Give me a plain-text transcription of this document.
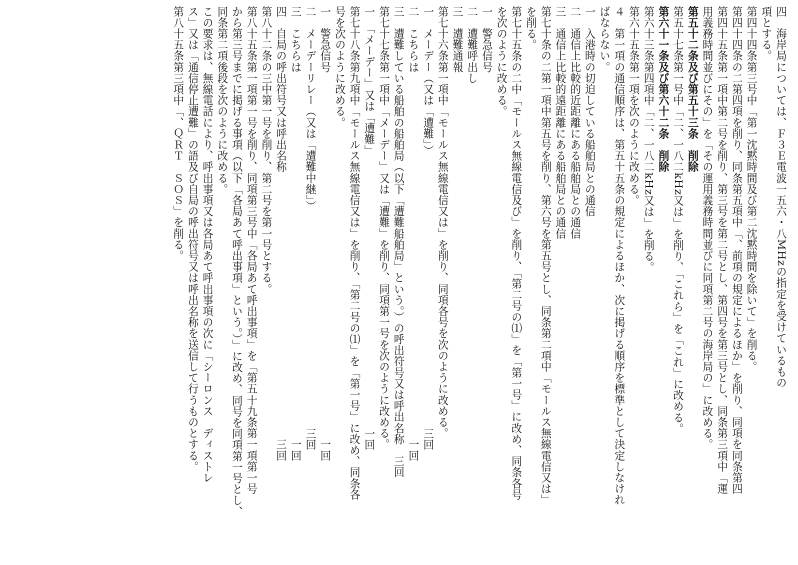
四　海岸局については、Ｆ３Ｅ電波一五六・八MHzの指定を受けているもの
項とする。
第四十四条第三号中「第一沈黙時間及び第二沈黙時間を除いて」を削る。
第四十四条の二第四項を削り、同条第五項中「、前項の規定によるほか」を削り、同項を同条第四
第四十五条第一項中第二号を削り、第三号を第二号とし、第四号を第三号とし、同条第三項中「運
用義務時間並びにその」を「その運用義務時間並びに同項第二号の海岸局の」に改める。
第五十二条及び第五十三条　削除
第五十七条第一号中「二、一八二kHz又は」を削り、「これら」を「これ」に改める。
第六十一条及び第六十二条　削除
第六十三条第四項中「二、一八二kHz又は」を削る。
第六十五条第一項を次のように改める。
４　第一項の通信順序は、第五十五条の規定によるほか、次に掲げる順序を標準として決定しなけれ
ばならない。
一　入港時の切迫している船舶局との通信
二　通信上比較的近距離にある船舶局との通信
三　通信上比較的遠距離にある船舶局との通信
第七十条の二第一項中第五号を削り、第六号を第五号とし、同条第二項中「モールス無線電信又は」
を削る。
第七十五条の二中「モールス無線電信及び」を削り、「第二号の⑴」を「第一号」に改め、同条各号
を次のように改める。
一　警急信号
二　遭難呼出し
三　遭難通報
第七十六条第一項中「モールス無線電信又は」を削り、同項各号を次のように改める。
一　メーデー（又は「遭難」）　　　　　　　　　　　　　　　　　　　　　　　　　三回
二　こちらは　　　　　　　　　　　　　　　　　　　　　　　　　　　　　　　　　一回
三　遭難している船舶の船舶局（以下「遭難船舶局」という。）の呼出符号又は呼出名称　三回
第七十七条第一項中「メーデー」又は「遭難」を削り、同項第一号を次のように改める。
一　「メーデー」又は「遭難」　　　　　　　　　　　　　　　　　　　　　　　　　一回
第七十八条第九項中「モールス無線電信又は」を削り、「第二号の⑴」を「第一号」に改め、同条各
号を次のように改める。
一　警急信号　　　　　　　　　　　　　　　　　　　　　　　　　　　　　　　　　一回
二　メーデーリレー（又は「遭難中継」）　　　　　　　　　　　　　　　　　　　　三回
三　こちらは　　　　　　　　　　　　　　　　　　　　　　　　　　　　　　　　　一回
四　自局の呼出符号又は呼出名称　　　　　　　　　　　　　　　　　　　　　　　　三回
第八十二条の三中第一号を削り、第二号を第一号とする。
第八十五条第一項第一号を削り、同項第三号中「各局あて呼出事項」を「第五十九条第一項第一号
から第三号までに掲げる事項（以下「各局あて呼出事項」という。）」に改め、同号を同項第一号とし、
同条第二項後段を次のように改める。
この要求は、無線電話により、呼出事項又は各局あて呼出事項の次に「シーロンス　ディストレ
ス」又は「通信停止遭難」の語及び自局の呼出符号又は呼出名称を送信して行うものとする。
第八十五条第三項中「、ＱＲＴ　ＳＯＳ」を削る。
